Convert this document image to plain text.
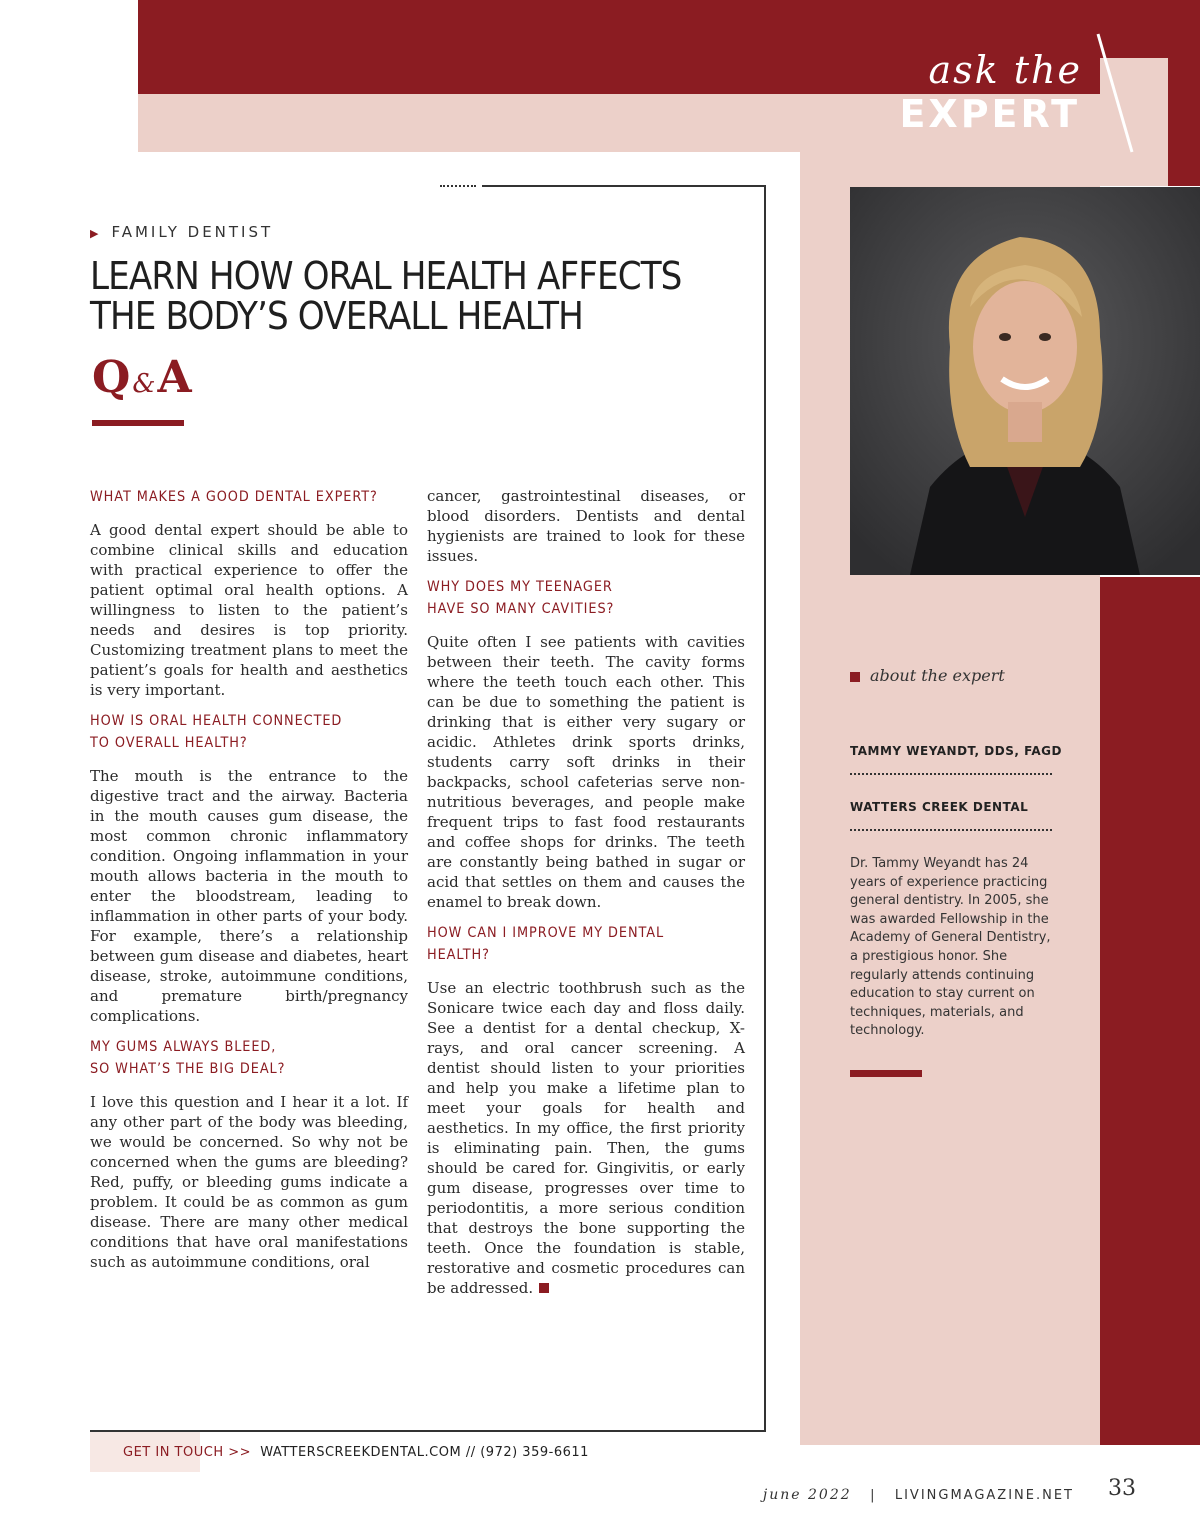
ask the
EXPERT
▶ FAMILY DENTIST
LEARN HOW ORAL HEALTH AFFECTS
THE BODY’S OVERALL HEALTH
Q&A
WHAT MAKES A GOOD DENTAL EXPERT?

A good dental expert should be able to combine clinical skills and education with practical experience to offer the patient optimal oral health options. A willingness to listen to the patient’s needs and desires is top priority. Customizing treatment plans to meet the patient’s goals for health and aesthetics is very important.

HOW IS ORAL HEALTH CONNECTED
TO OVERALL HEALTH?

The mouth is the entrance to the digestive tract and the airway. Bacteria in the mouth causes gum disease, the most common chronic inflammatory condition. Ongoing inflammation in your mouth allows bacteria in the mouth to enter the bloodstream, leading to inflammation in other parts of your body. For example, there’s a relationship between gum disease and diabetes, heart disease, stroke, autoimmune conditions, and premature birth/pregnancy complications.

MY GUMS ALWAYS BLEED,
SO WHAT’S THE BIG DEAL?

I love this question and I hear it a lot. If any other part of the body was bleeding, we would be concerned. So why not be concerned when the gums are bleeding? Red, puffy, or bleeding gums indicate a problem. It could be as common as gum disease. There are many other medical conditions that have oral manifestations such as autoimmune conditions, oral

cancer, gastrointestinal diseases, or blood disorders. Dentists and dental hygienists are trained to look for these issues.

WHY DOES MY TEENAGER
HAVE SO MANY CAVITIES?

Quite often I see patients with cavities between their teeth. The cavity forms where the teeth touch each other. This can be due to something the patient is drinking that is either very sugary or acidic. Athletes drink sports drinks, students carry soft drinks in their backpacks, school cafeterias serve non-nutritious beverages, and people make frequent trips to fast food restaurants and coffee shops for drinks. The teeth are constantly being bathed in sugar or acid that settles on them and causes the enamel to break down.

HOW CAN I IMPROVE MY DENTAL HEALTH?

Use an electric toothbrush such as the Sonicare twice each day and floss daily. See a dentist for a dental checkup, X-rays, and oral cancer screening. A dentist should listen to your priorities and help you make a lifetime plan to meet your goals for health and aesthetics. In my office, the first priority is eliminating pain. Then, the gums should be cared for. Gingivitis, or early gum disease, progresses over time to periodontitis, a more serious condition that destroys the bone supporting the teeth. Once the foundation is stable, restorative and cosmetic procedures can be addressed.

about the expert
TAMMY WEYANDT, DDS, FAGD
WATTERS CREEK DENTAL
Dr. Tammy Weyandt has 24 years of experience practicing general dentistry. In 2005, she was awarded Fellowship in the Academy of General Dentistry, a prestigious honor. She regularly attends continuing education to stay current on techniques, materials, and technology.
GET IN TOUCH >> WATTERSCREEKDENTAL.COM // (972) 359-6611
june 2022 | LIVINGMAGAZINE.NET 33
